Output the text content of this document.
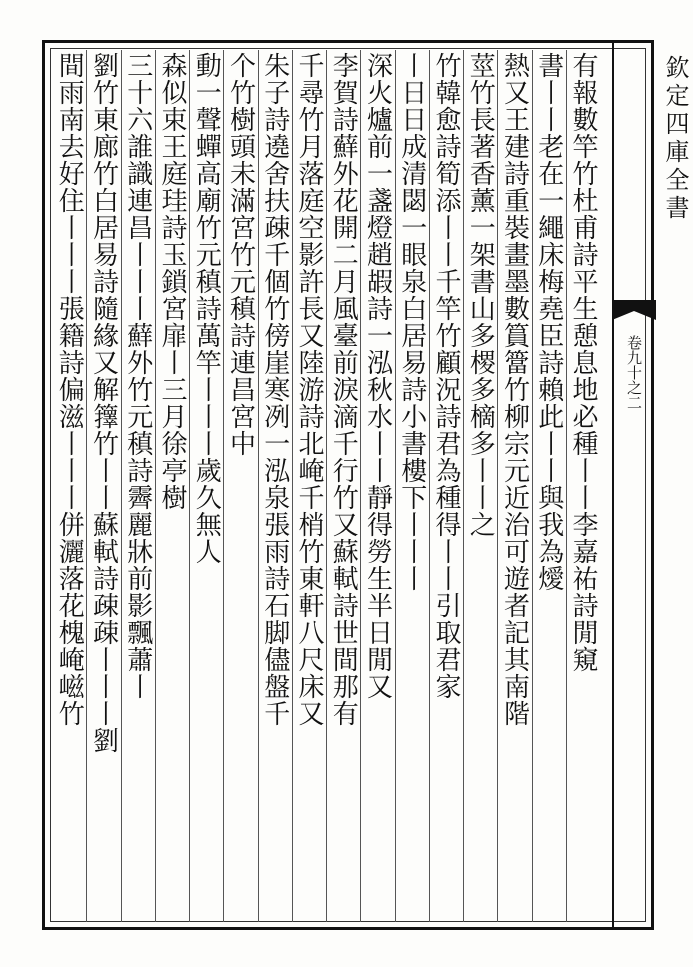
欽定四庫全書
卷九十之二
有報數竿竹杜甫詩平生憩息地必種丨丨李嘉祐詩閒窺
書丨丨老在一繩床梅堯臣詩賴此丨丨與我為燰
熱又王建詩重裝畫墨數篔簹竹柳宗元近治可遊者記其南階
莖竹長著香薰一架書山多㮨多樀多丨丨之
竹韓愈詩筍添丨丨千竿竹顧況詩君為種得丨丨引取君家
丨日日成清閟一眼泉白居易詩小書樓下丨丨丨
深火爐前一盞燈趙嘏詩一泓秋水丨丨靜得勞生半日閒又
李賀詩蘚外花開二月風臺前淚滴千行竹又蘇軾詩世間那有
千尋竹月落庭空影許長又陸游詩北崦千梢竹東軒八尺床又
朱子詩遶舍扶疎千個竹傍崖寒冽一泓泉張雨詩石脚儘盤千
个竹樹頭未滿宮竹元稹詩連昌宮中
動一聲蟬高廟竹元稹詩萬竿丨丨丨歲久無人
森似束王庭珪詩玉鎖宮扉丨三月徐亭樹
三十六誰識連昌丨丨丨蘚外竹元稹詩霽麗牀前影飄蕭丨
劉竹東廊竹白居易詩隨緣又解籜竹丨丨蘇軾詩疎疎丨丨丨劉
間雨南去好住丨丨丨張籍詩偏滋丨丨丨併灑落花槐崦嵫竹
